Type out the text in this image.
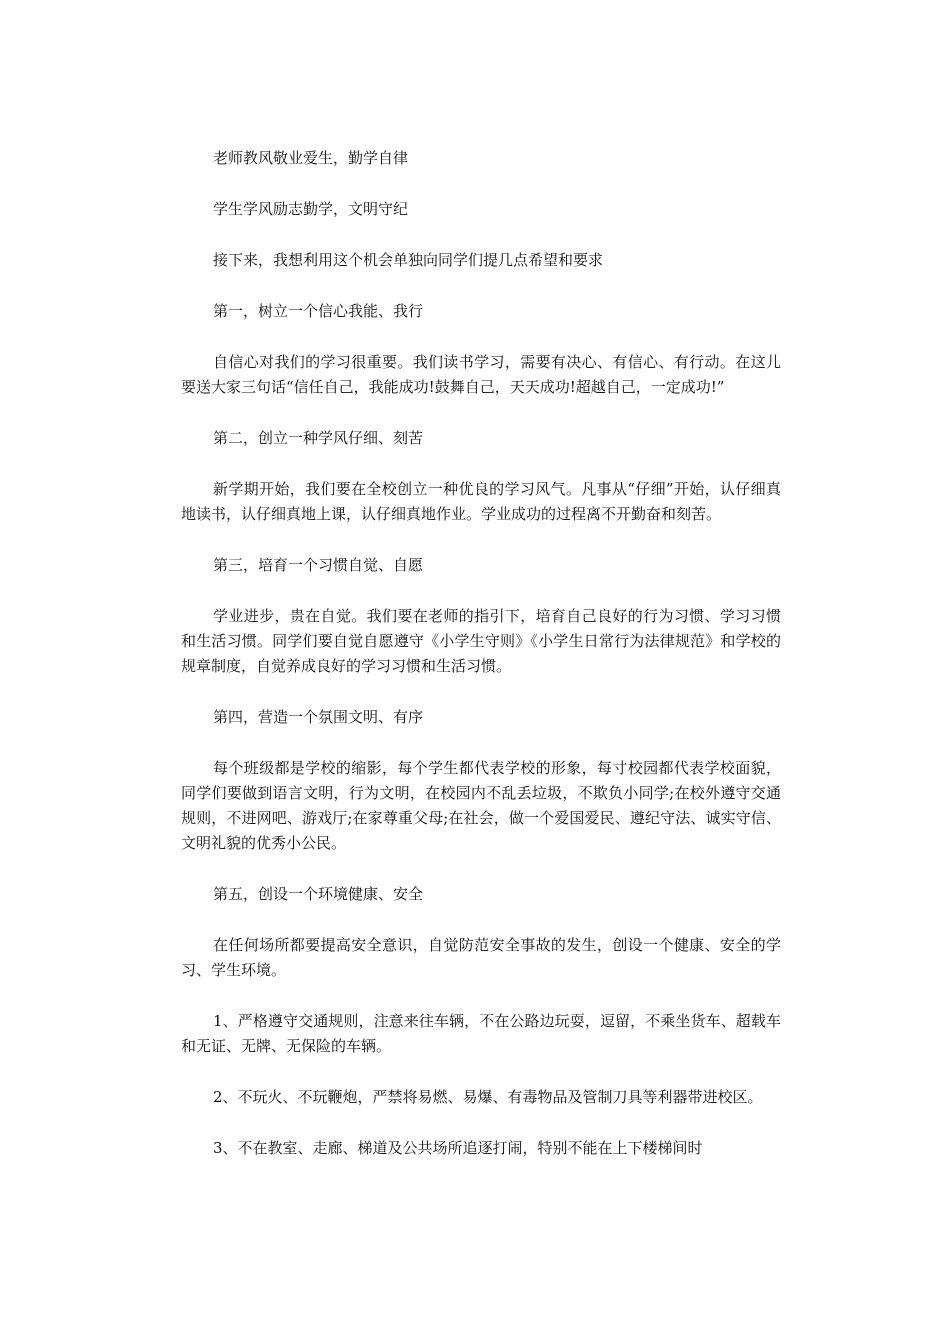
老师教风敬业爱生，勤学自律

学生学风励志勤学，文明守纪

接下来，我想利用这个机会单独向同学们提几点希望和要求

第一，树立一个信心我能、我行

自信心对我们的学习很重要。我们读书学习，需要有决心、有信心、有行动。在这儿要送大家三句话“信任自己，我能成功!鼓舞自己，天天成功!超越自己，一定成功!”

第二，创立一种学风仔细、刻苦

新学期开始，我们要在全校创立一种优良的学习风气。凡事从“仔细”开始，认仔细真地读书，认仔细真地上课，认仔细真地作业。学业成功的过程离不开勤奋和刻苦。

第三，培育一个习惯自觉、自愿

学业进步，贵在自觉。我们要在老师的指引下，培育自己良好的行为习惯、学习习惯和生活习惯。同学们要自觉自愿遵守《小学生守则》《小学生日常行为法律规范》和学校的规章制度，自觉养成良好的学习习惯和生活习惯。

第四，营造一个氛围文明、有序

每个班级都是学校的缩影，每个学生都代表学校的形象，每寸校园都代表学校面貌，同学们要做到语言文明，行为文明，在校园内不乱丢垃圾，不欺负小同学;在校外遵守交通规则，不进网吧、游戏厅;在家尊重父母;在社会，做一个爱国爱民、遵纪守法、诚实守信、文明礼貌的优秀小公民。

第五，创设一个环境健康、安全

在任何场所都要提高安全意识，自觉防范安全事故的发生，创设一个健康、安全的学习、学生环境。

1、严格遵守交通规则，注意来往车辆，不在公路边玩耍，逗留，不乘坐货车、超载车和无证、无牌、无保险的车辆。

2、不玩火、不玩鞭炮，严禁将易燃、易爆、有毒物品及管制刀具等利器带进校区。

3、不在教室、走廊、梯道及公共场所追逐打闹，特别不能在上下楼梯间时
